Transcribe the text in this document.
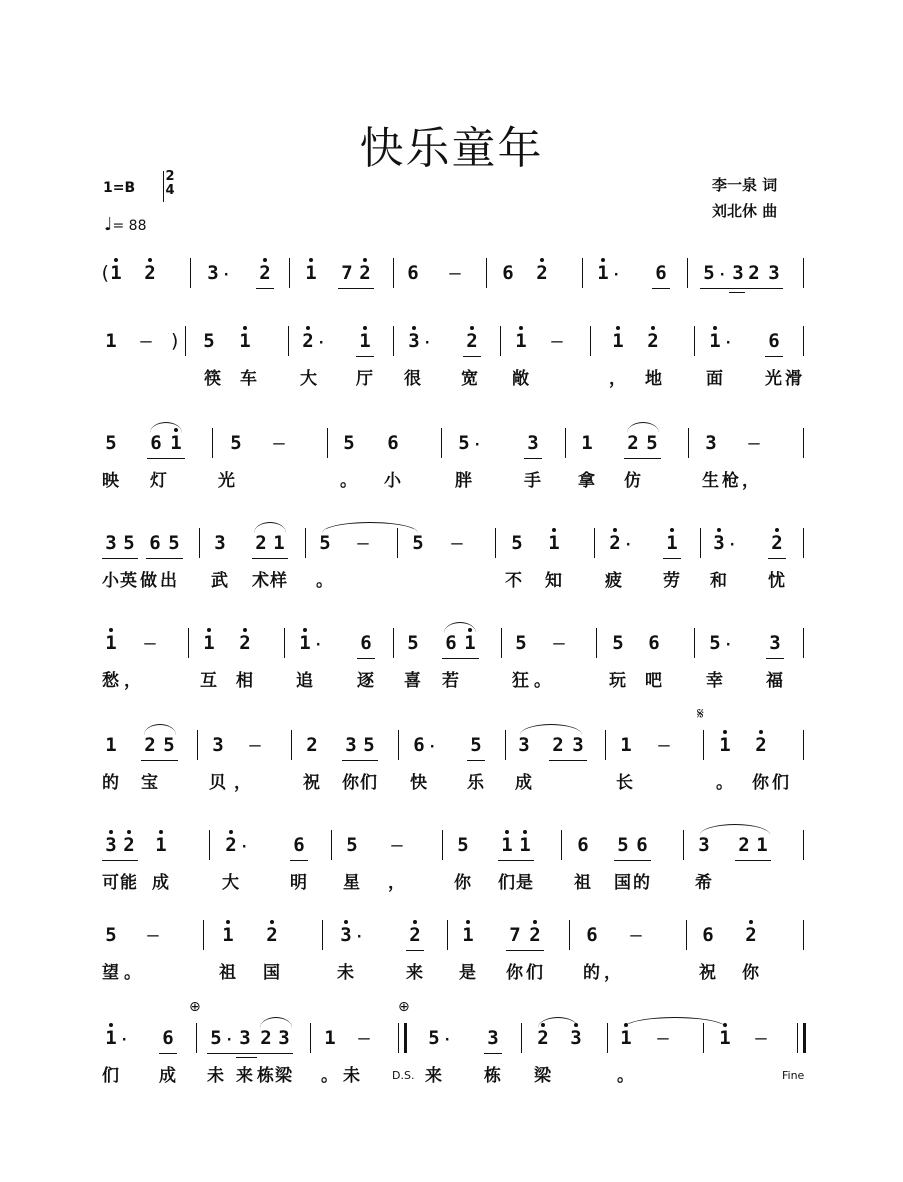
快乐童年
1=B
2
4
♩= 88
李一泉 词
刘北休 曲
( 1 2	3 · 2 1 7 2 6 – 6 2	1 · 6 5 · 3 2 3
1 – ) 5 1	2 · 1 3 · 2 1 –	1 2	1 · 6
筷 车	大 厅 很 宽 敞	， 地	面 光 滑
5 6 1	5 –	5 6	5 · 3 1 2 5	3 –
映 灯	光	。 小	胖	手 拿 仿	生 枪 ，
3 5 6 5 3 2 1 5 – 5 –	5 1	2 · 1 3 · 2
小 英 做 出 武 术 样 。	不 知	疲 劳 和 忧
1 –	1 2	1 · 6 5 6 1 5 –	5 6	5 · 3
愁 ，	互 相	追	逐 喜 若	狂 。	玩 吧	幸	福
1 2 5 3 – 2 3 5 6 · 5 3 2 3 1 –
𝄋
1 2
的 宝	贝 ，	祝 你 们 快 乐 成	长	。 你 们
3 2 1	2 · 6 5 –	5 1 1 6 5 6	3 2 1
可 能 成	大	明 星 ，	你 们 是 祖 国 的	希
5 –	1 2	3 · 2 1 7 2 6 –	6 2
望 。	祖 国	未	来 是 你 们 的 ，	祝 你
1 · 6
⊕
5 · 3 2 3 1 –
⊕
5 · 3 2 3 1 –	1 –
们 成 未 来 栋 梁 。 未	来 栋 梁	。
D.S.	Fine
